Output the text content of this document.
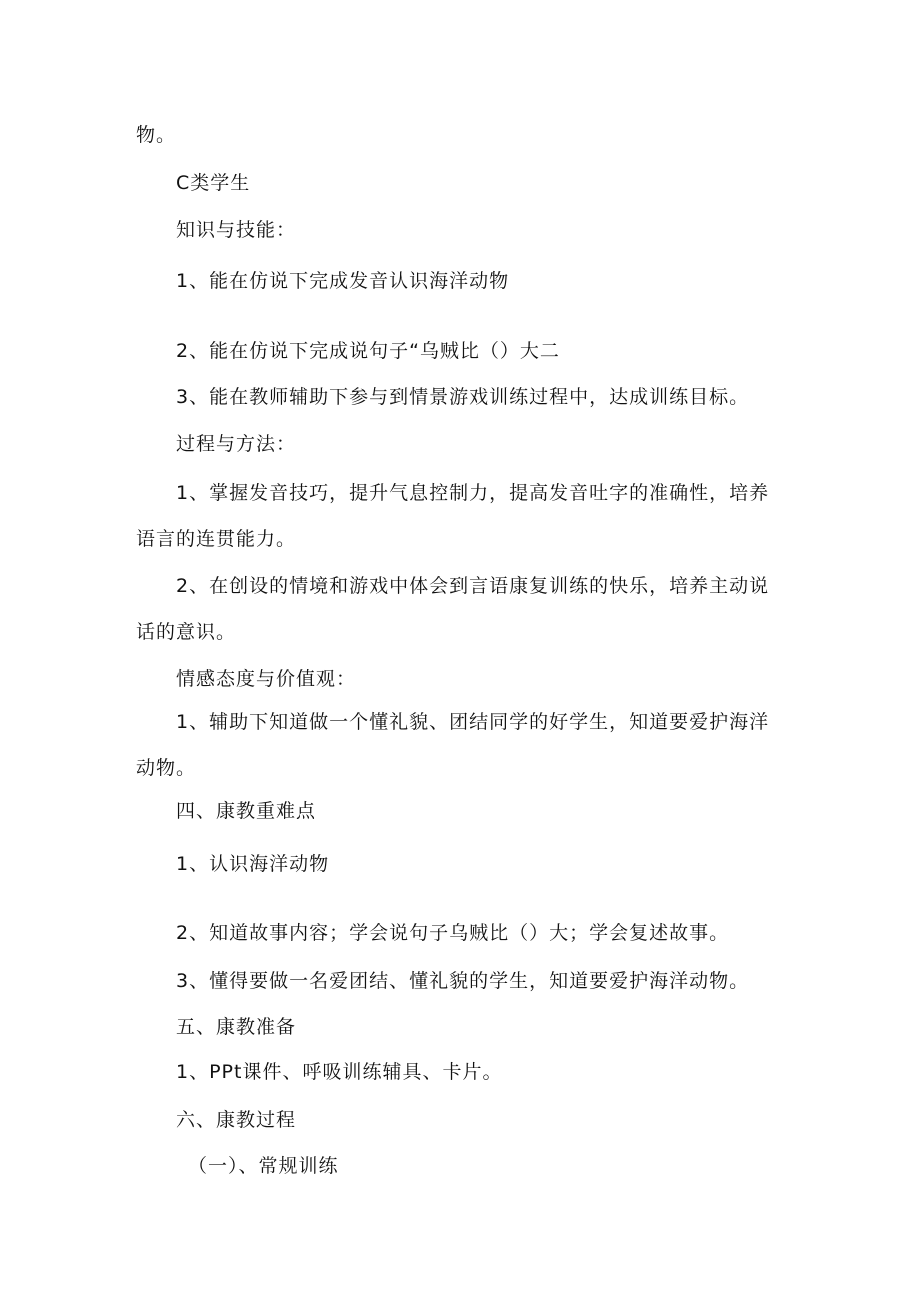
物。
C类学生
知识与技能：
1、能在仿说下完成发音认识海洋动物
2、能在仿说下完成说句子“乌贼比（）大二
3、能在教师辅助下参与到情景游戏训练过程中，达成训练目标。
过程与方法：
1、掌握发音技巧，提升气息控制力，提高发音吐字的准确性，培养
语言的连贯能力。
2、在创设的情境和游戏中体会到言语康复训练的快乐，培养主动说
话的意识。
情感态度与价值观：
1、辅助下知道做一个懂礼貌、团结同学的好学生，知道要爱护海洋
动物。
四、康教重难点
1、认识海洋动物
2、知道故事内容；学会说句子乌贼比（）大；学会复述故事。
3、懂得要做一名爱团结、懂礼貌的学生，知道要爱护海洋动物。
五、康教准备
1、PPt课件、呼吸训练辅具、卡片。
六、康教过程
（一）、常规训练
